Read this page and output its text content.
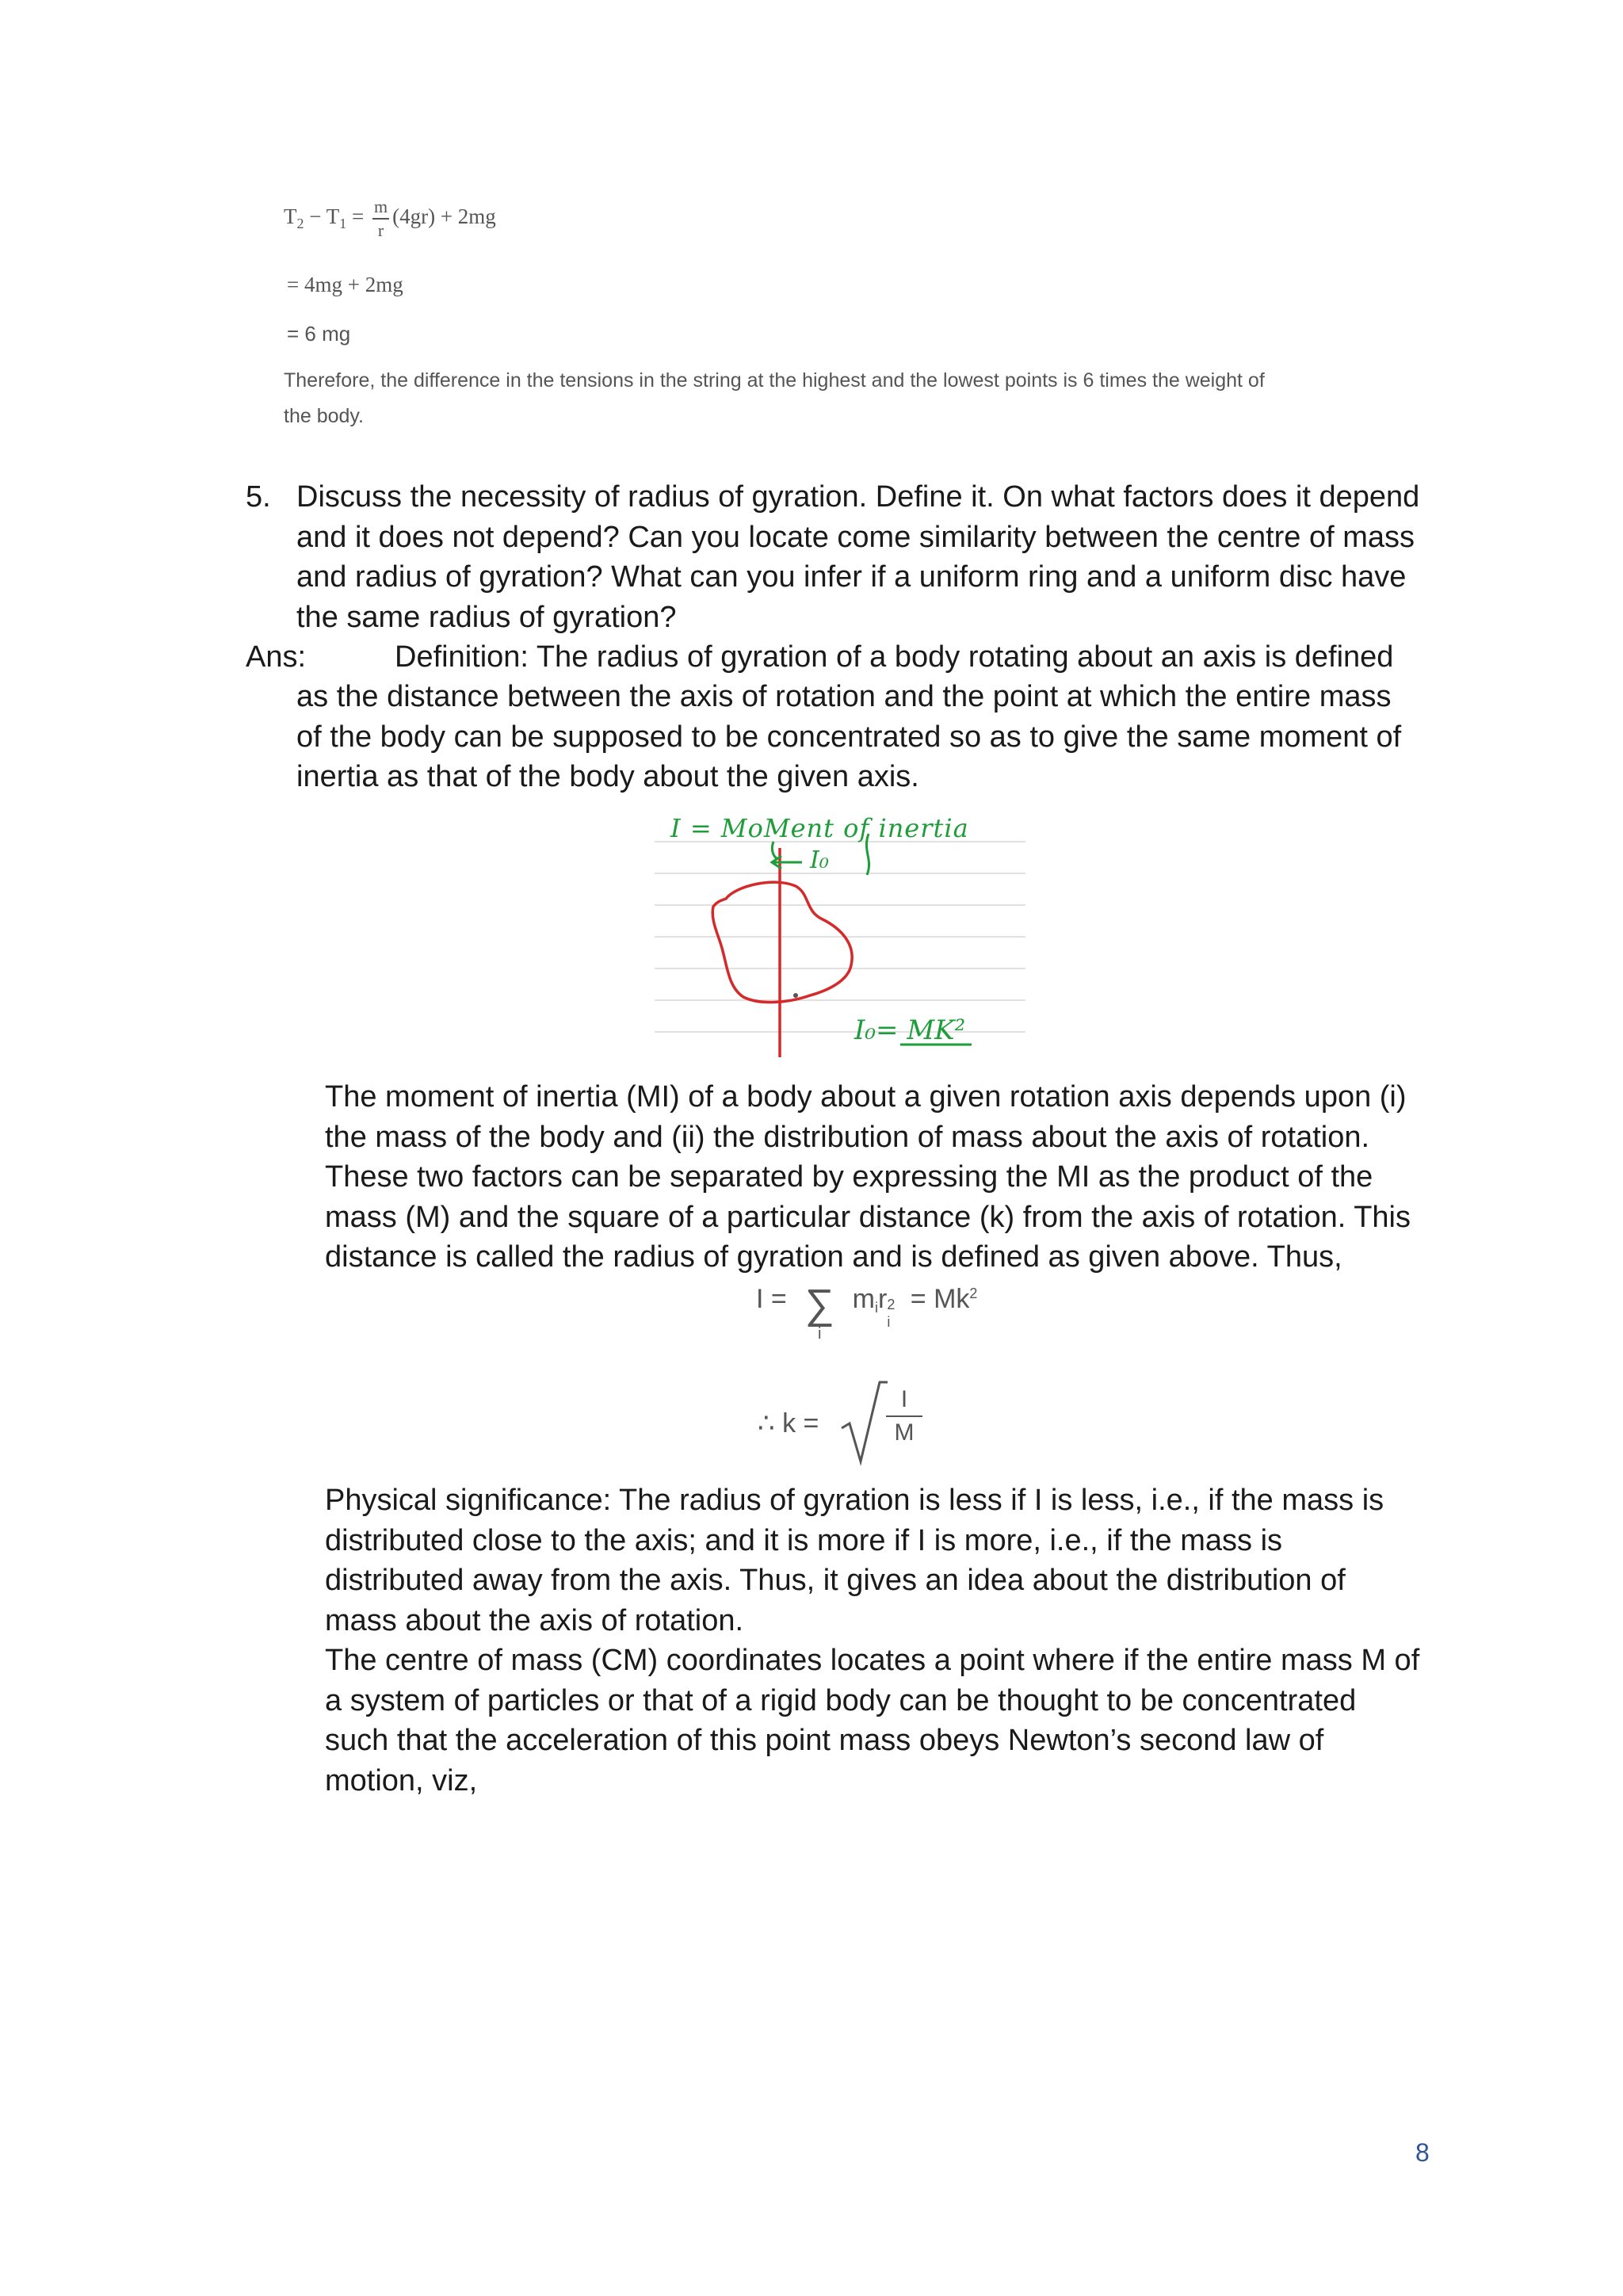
$T_2 - T_1 = \frac{m}{r} (4gr) + 2mg$
= 4mg + 2mg
= 6 mg
Therefore, the difference in the tensions in the string at the highest and the lowest points is 6 times the weight of
the body.
5. Discuss the necessity of radius of gyration. Define it. On what factors does it depend
and it does not depend? Can you locate come similarity between the centre of mass
and radius of gyration? What can you infer if a uniform ring and a uniform disc have
the same radius of gyration?
Ans:	Definition: The radius of gyration of a body rotating about an axis is defined
as the distance between the axis of rotation and the point at which the entire mass
of the body can be supposed to be concentrated so as to give the same moment of
inertia as that of the body about the given axis.
I = MoMent of inertia
I₀
I₀= MK²
The moment of inertia (MI) of a body about a given rotation axis depends upon (i)
the mass of the body and (ii) the distribution of mass about the axis of rotation.
These two factors can be separated by expressing the MI as the product of the
mass (M) and the square of a particular distance (k) from the axis of rotation. This
distance is called the radius of gyration and is defined as given above. Thus,
I = ∑
i
$m_ir$ 2
i
= $Mk^2$
∴ k =
I
M
Physical significance: The radius of gyration is less if I is less, i.e., if the mass is
distributed close to the axis; and it is more if I is more, i.e., if the mass is
distributed away from the axis. Thus, it gives an idea about the distribution of
mass about the axis of rotation.
The centre of mass (CM) coordinates locates a point where if the entire mass M of
a system of particles or that of a rigid body can be thought to be concentrated
such that the acceleration of this point mass obeys Newton’s second law of
motion, viz,
8
